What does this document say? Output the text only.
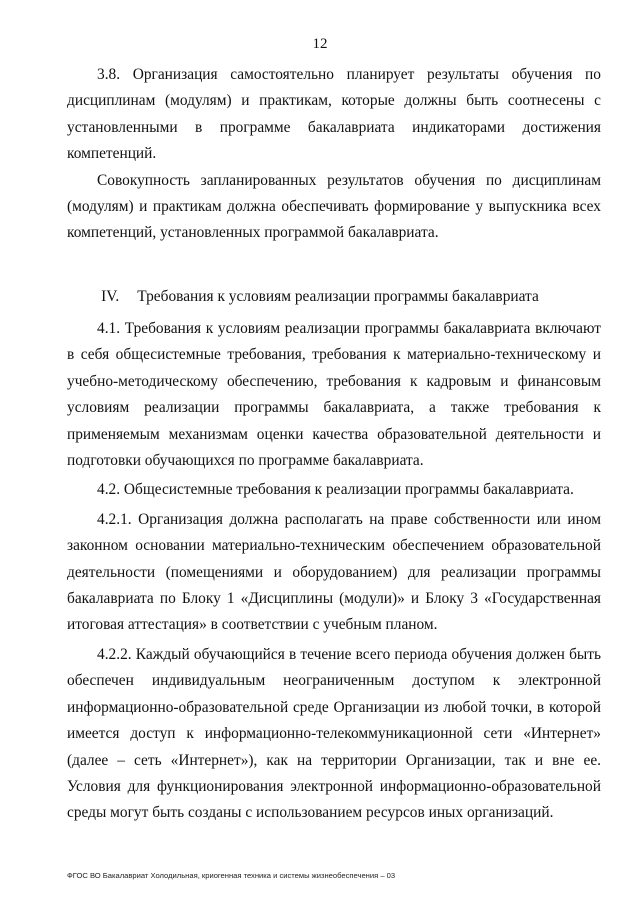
12

3.8. Организация самостоятельно планирует результаты обучения по дисциплинам (модулям) и практикам, которые должны быть соотнесены с установленными в программе бакалавриата индикаторами достижения компетенций.

Совокупность запланированных результатов обучения по дисциплинам (модулям) и практикам должна обеспечивать формирование у выпускника всех компетенций, установленных программой бакалавриата.

IV. Требования к условиям реализации программы бакалавриата

4.1. Требования к условиям реализации программы бакалавриата включают в себя общесистемные требования, требования к материально-техническому и учебно-методическому обеспечению, требования к кадровым и финансовым условиям реализации программы бакалавриата, а также требования к применяемым механизмам оценки качества образовательной деятельности и подготовки обучающихся по программе бакалавриата.

4.2. Общесистемные требования к реализации программы бакалавриата.

4.2.1. Организация должна располагать на праве собственности или ином законном основании материально-техническим обеспечением образовательной деятельности (помещениями и оборудованием) для реализации программы бакалавриата по Блоку 1 «Дисциплины (модули)» и Блоку 3 «Государственная итоговая аттестация» в соответствии с учебным планом.

4.2.2. Каждый обучающийся в течение всего периода обучения должен быть обеспечен индивидуальным неограниченным доступом к электронной информационно-образовательной среде Организации из любой точки, в которой имеется доступ к информационно-телекоммуникационной сети «Интернет» (далее – сеть «Интернет»), как на территории Организации, так и вне ее. Условия для функционирования электронной информационно-образовательной среды могут быть созданы с использованием ресурсов иных организаций.

ФГОС ВО Бакалавриат Холодильная, криогенная техника и системы жизнеобеспечения – 03
